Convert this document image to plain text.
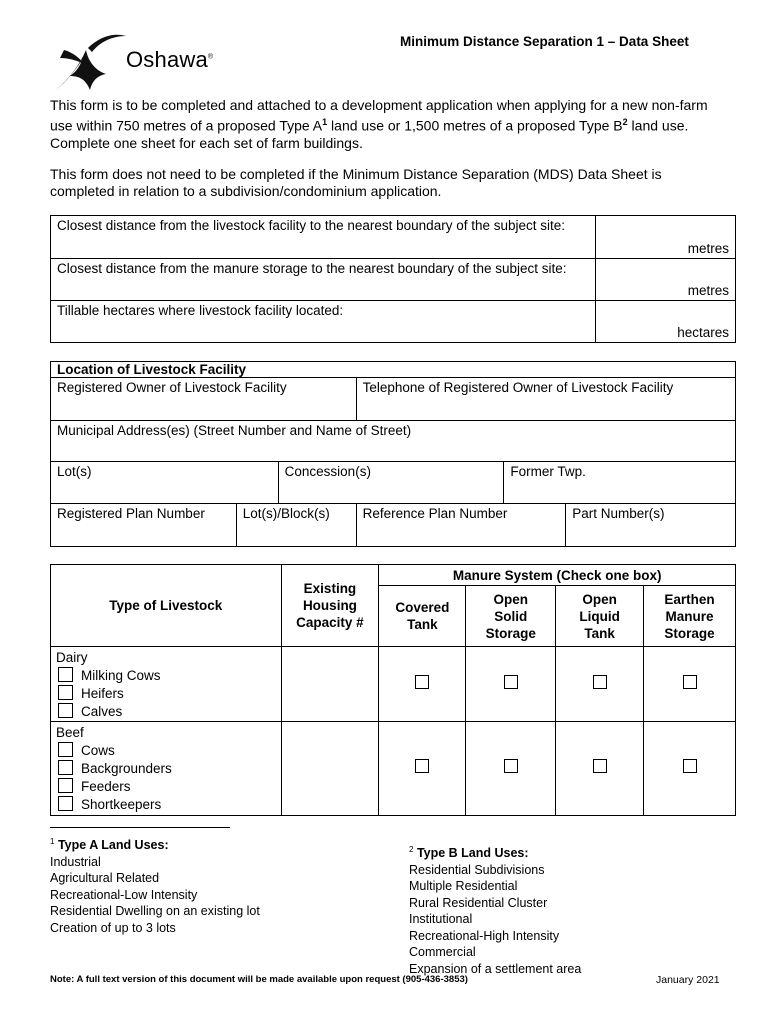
Oshawa®
Minimum Distance Separation 1 – Data Sheet
This form is to be completed and attached to a development application when applying for a new non-farm use within 750 metres of a proposed Type $A^1$ land use or 1,500 metres of a proposed Type $B^2$ land use. Complete one sheet for each set of farm buildings.
This form does not need to be completed if the Minimum Distance Separation (MDS) Data Sheet is completed in relation to a subdivision/condominium application.
Closest distance from the livestock facility to the nearest boundary of the subject site:	metres
Closest distance from the manure storage to the nearest boundary of the subject site:	metres
Tillable hectares where livestock facility located:	hectares
Location of Livestock Facility					
Registered Owner of Livestock Facility			Telephone of Registered Owner of Livestock Facility		
Municipal Address(es) (Street Number and Name of Street)					
Lot(s)		Concession(s)		Former Twp.	
Registered Plan Number	Lot(s)/Block(s)		Reference Plan Number		Part Number(s)
Type of Livestock	Existing Housing Capacity #	Manure System (Check one box)			

		Covered Tank	Open Solid Storage	Open Liquid Tank	Earthen Manure Storage

Dairy
Milking Cows
Heifers
Calves					

Beef
Cows
Backgrounders
Feeders
Shortkeepers					

$^1$ Type A Land Uses:
Industrial
Agricultural Related
Recreational-Low Intensity
Residential Dwelling on an existing lot
Creation of up to 3 lots
$^2$ Type B Land Uses:
Residential Subdivisions
Multiple Residential
Rural Residential Cluster
Institutional
Recreational-High Intensity
Commercial
Expansion of a settlement area
Note: A full text version of this document will be made available upon request (905-436-3853)	January 2021
